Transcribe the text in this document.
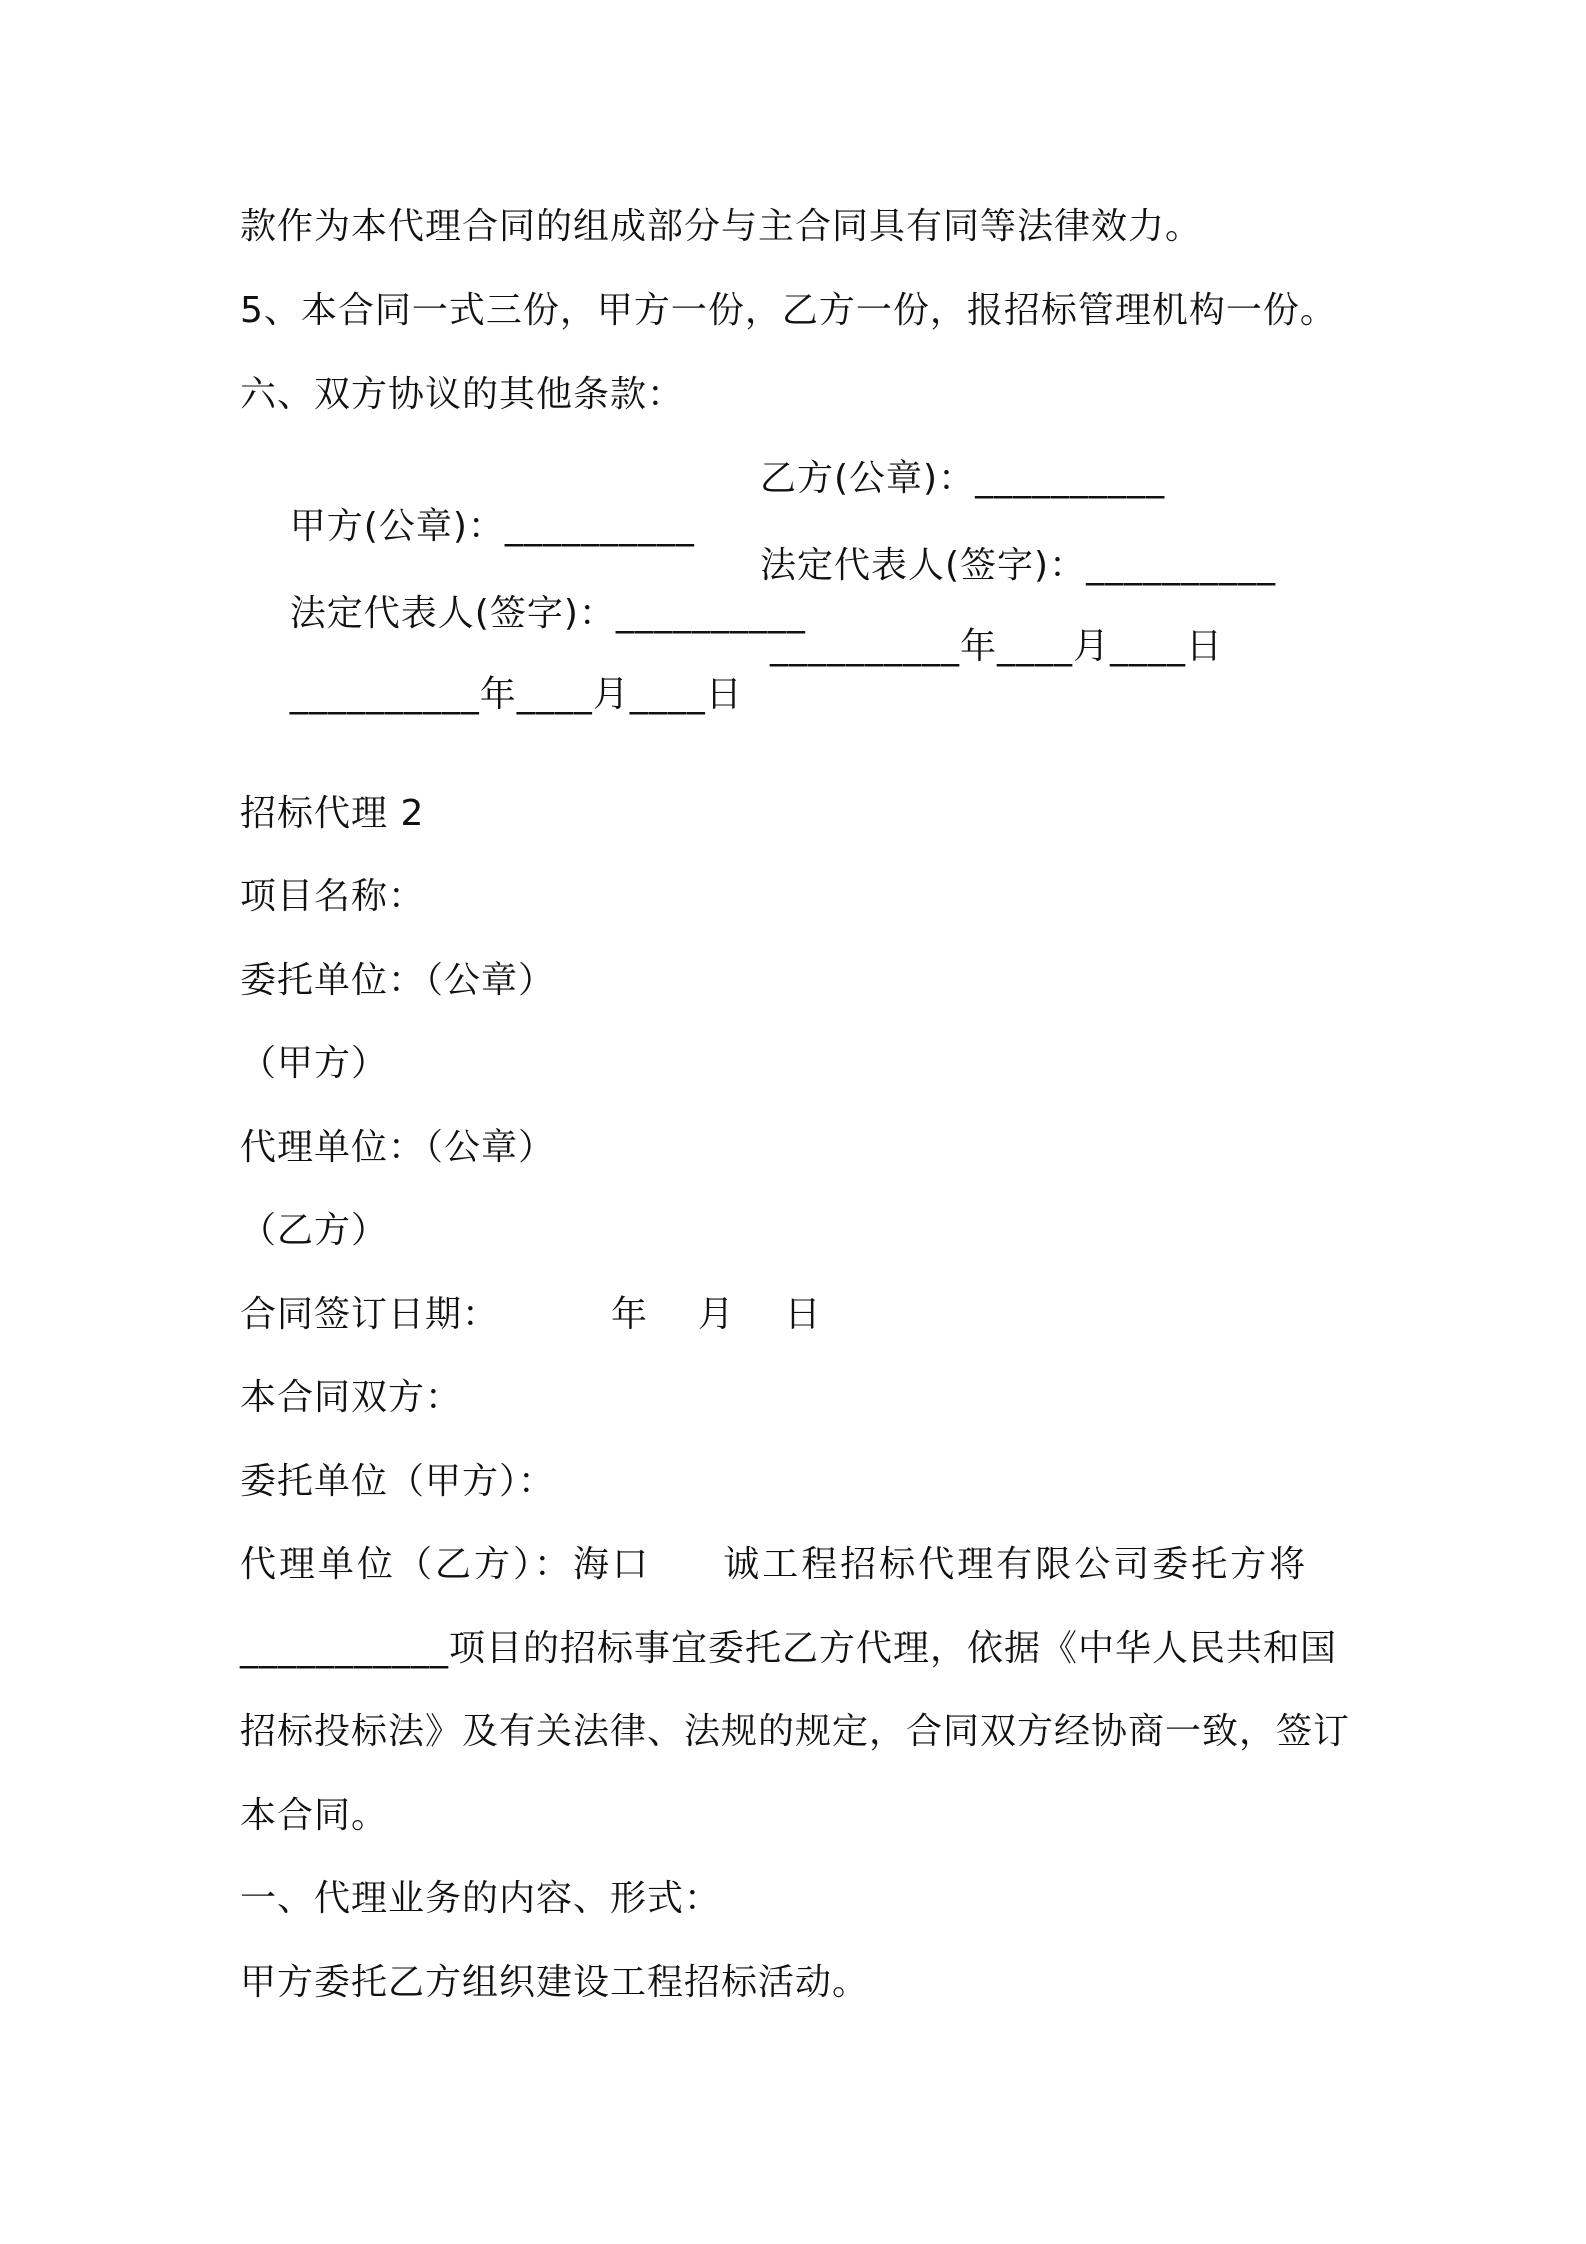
款作为本代理合同的组成部分与主合同具有同等法律效力。
5、本合同一式三份，甲方一份，乙方一份，报招标管理机构一份。
六、双方协议的其他条款：

甲方(公章)：__________

乙方(公章)：__________

法定代表人(签字)：__________

法定代表人(签字)：__________

__________年____月____日

__________年____月____日

招标代理 2
项目名称：
委托单位：（公章）
（甲方）
代理单位：（公章）
（乙方）
合同签订日期：         年    月    日
本合同双方：
委托单位（甲方）：
代理单位（乙方）：海口     诚工程招标代理有限公司委托方将
___________项目的招标事宜委托乙方代理，依据《中华人民共和国
招标投标法》及有关法律、法规的规定，合同双方经协商一致，签订
本合同。
一、代理业务的内容、形式：
甲方委托乙方组织建设工程招标活动。
